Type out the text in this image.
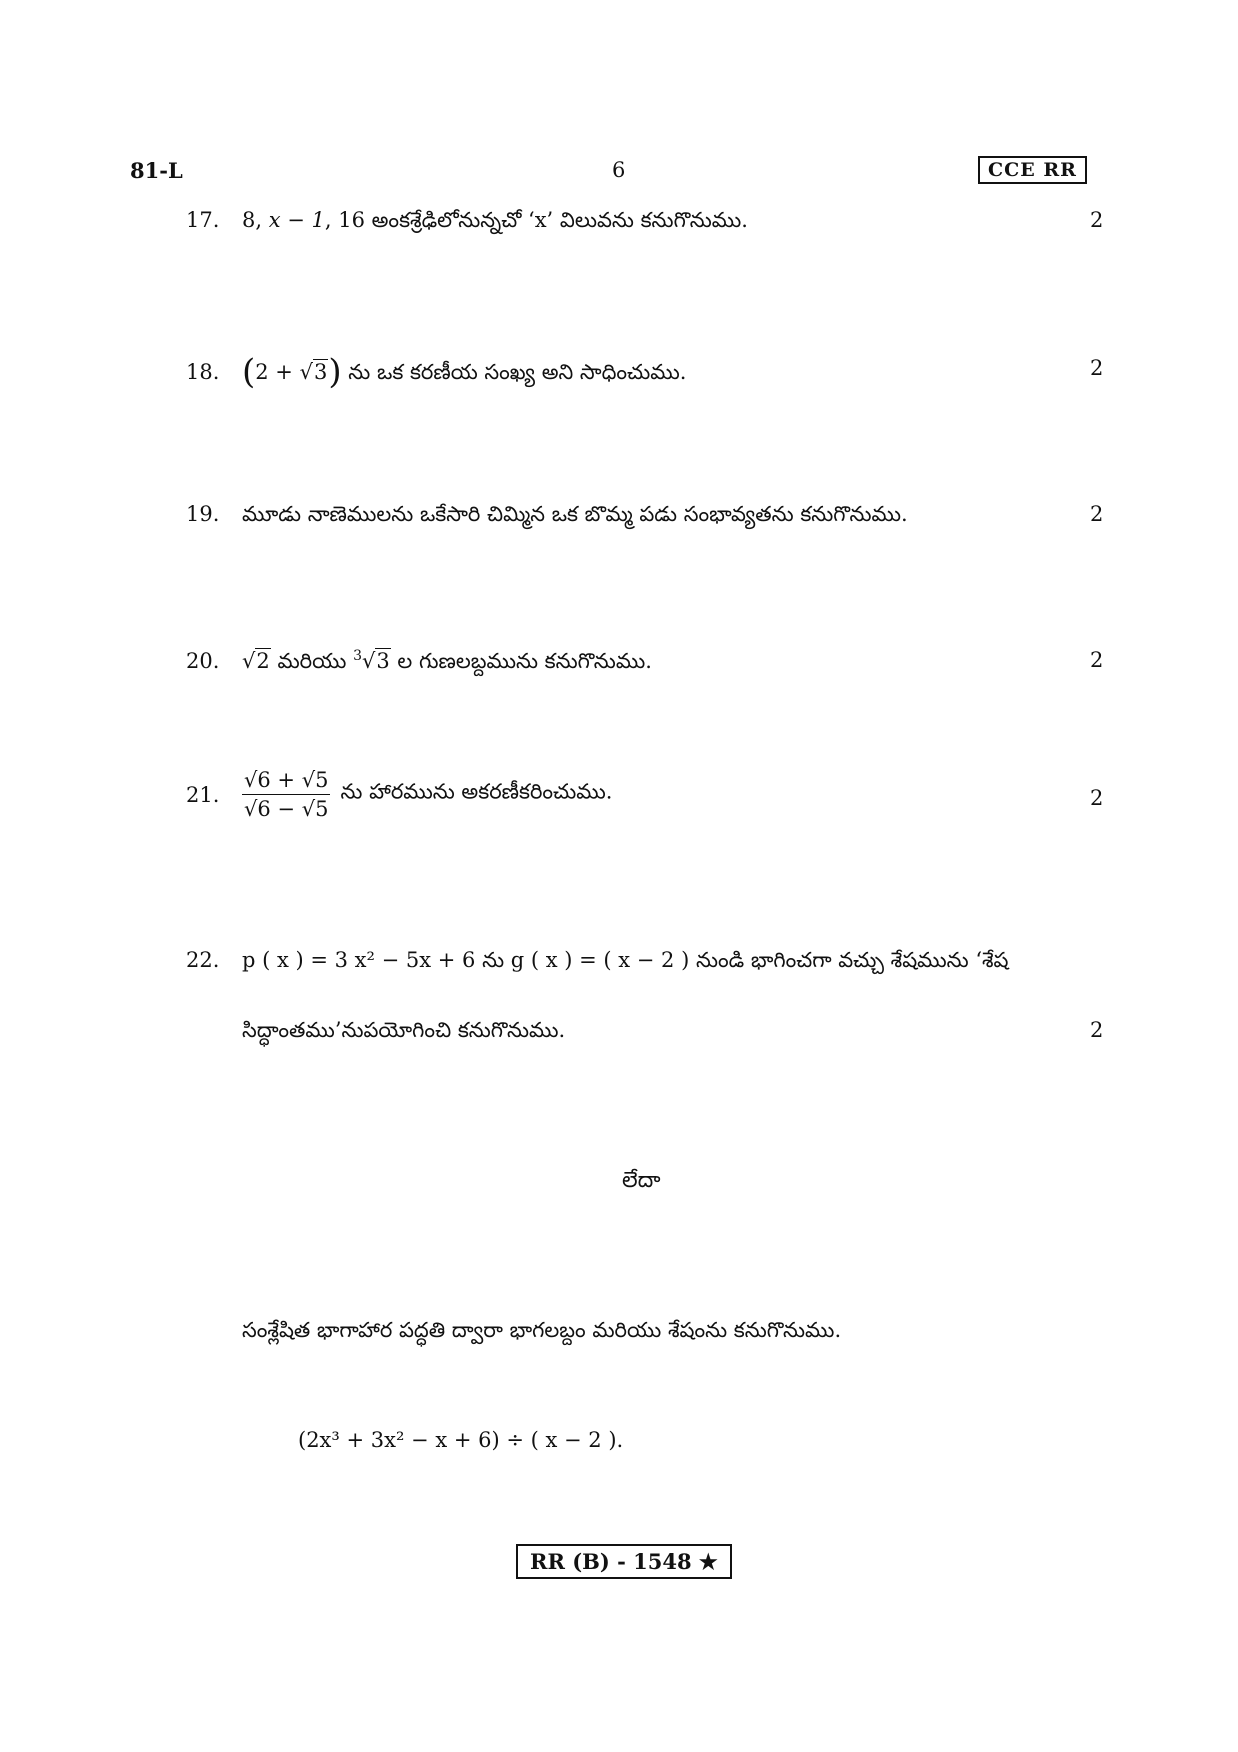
81-L	6	CCE RR
17. 8, x − 1, 16 అంకశ్రేఢిలోనున్నచో ‘x’ విలువను కనుగొనుము.	2
18. (2 + √3) ను ఒక కరణీయ సంఖ్య అని సాధించుము.	2
19. మూడు నాణెములను ఒకేసారి చిమ్మిన ఒక బొమ్మ పడు సంభావ్యతను కనుగొనుము.	2
20. √2 మరియు $^3$√3 ల గుణలబ్దమును కనుగొనుము.	2
21. $\frac{√6 + √5}{√6 - √5}$ ను హారమును అకరణీకరించుము.	2
22. p ( x ) = 3 x² − 5x + 6 ను g ( x ) = ( x − 2 ) నుండి భాగించగా వచ్చు శేషమును ‘శేష
సిద్ధాంతము’నుపయోగించి కనుగొనుము.	2
లేదా
సంశ్లేషిత భాగాహార పద్ధతి ద్వారా భాగలబ్దం మరియు శేషంను కనుగొనుము.
(2x³ + 3x² − x + 6) ÷ ( x − 2 ).
RR (B) - 1548 ★
